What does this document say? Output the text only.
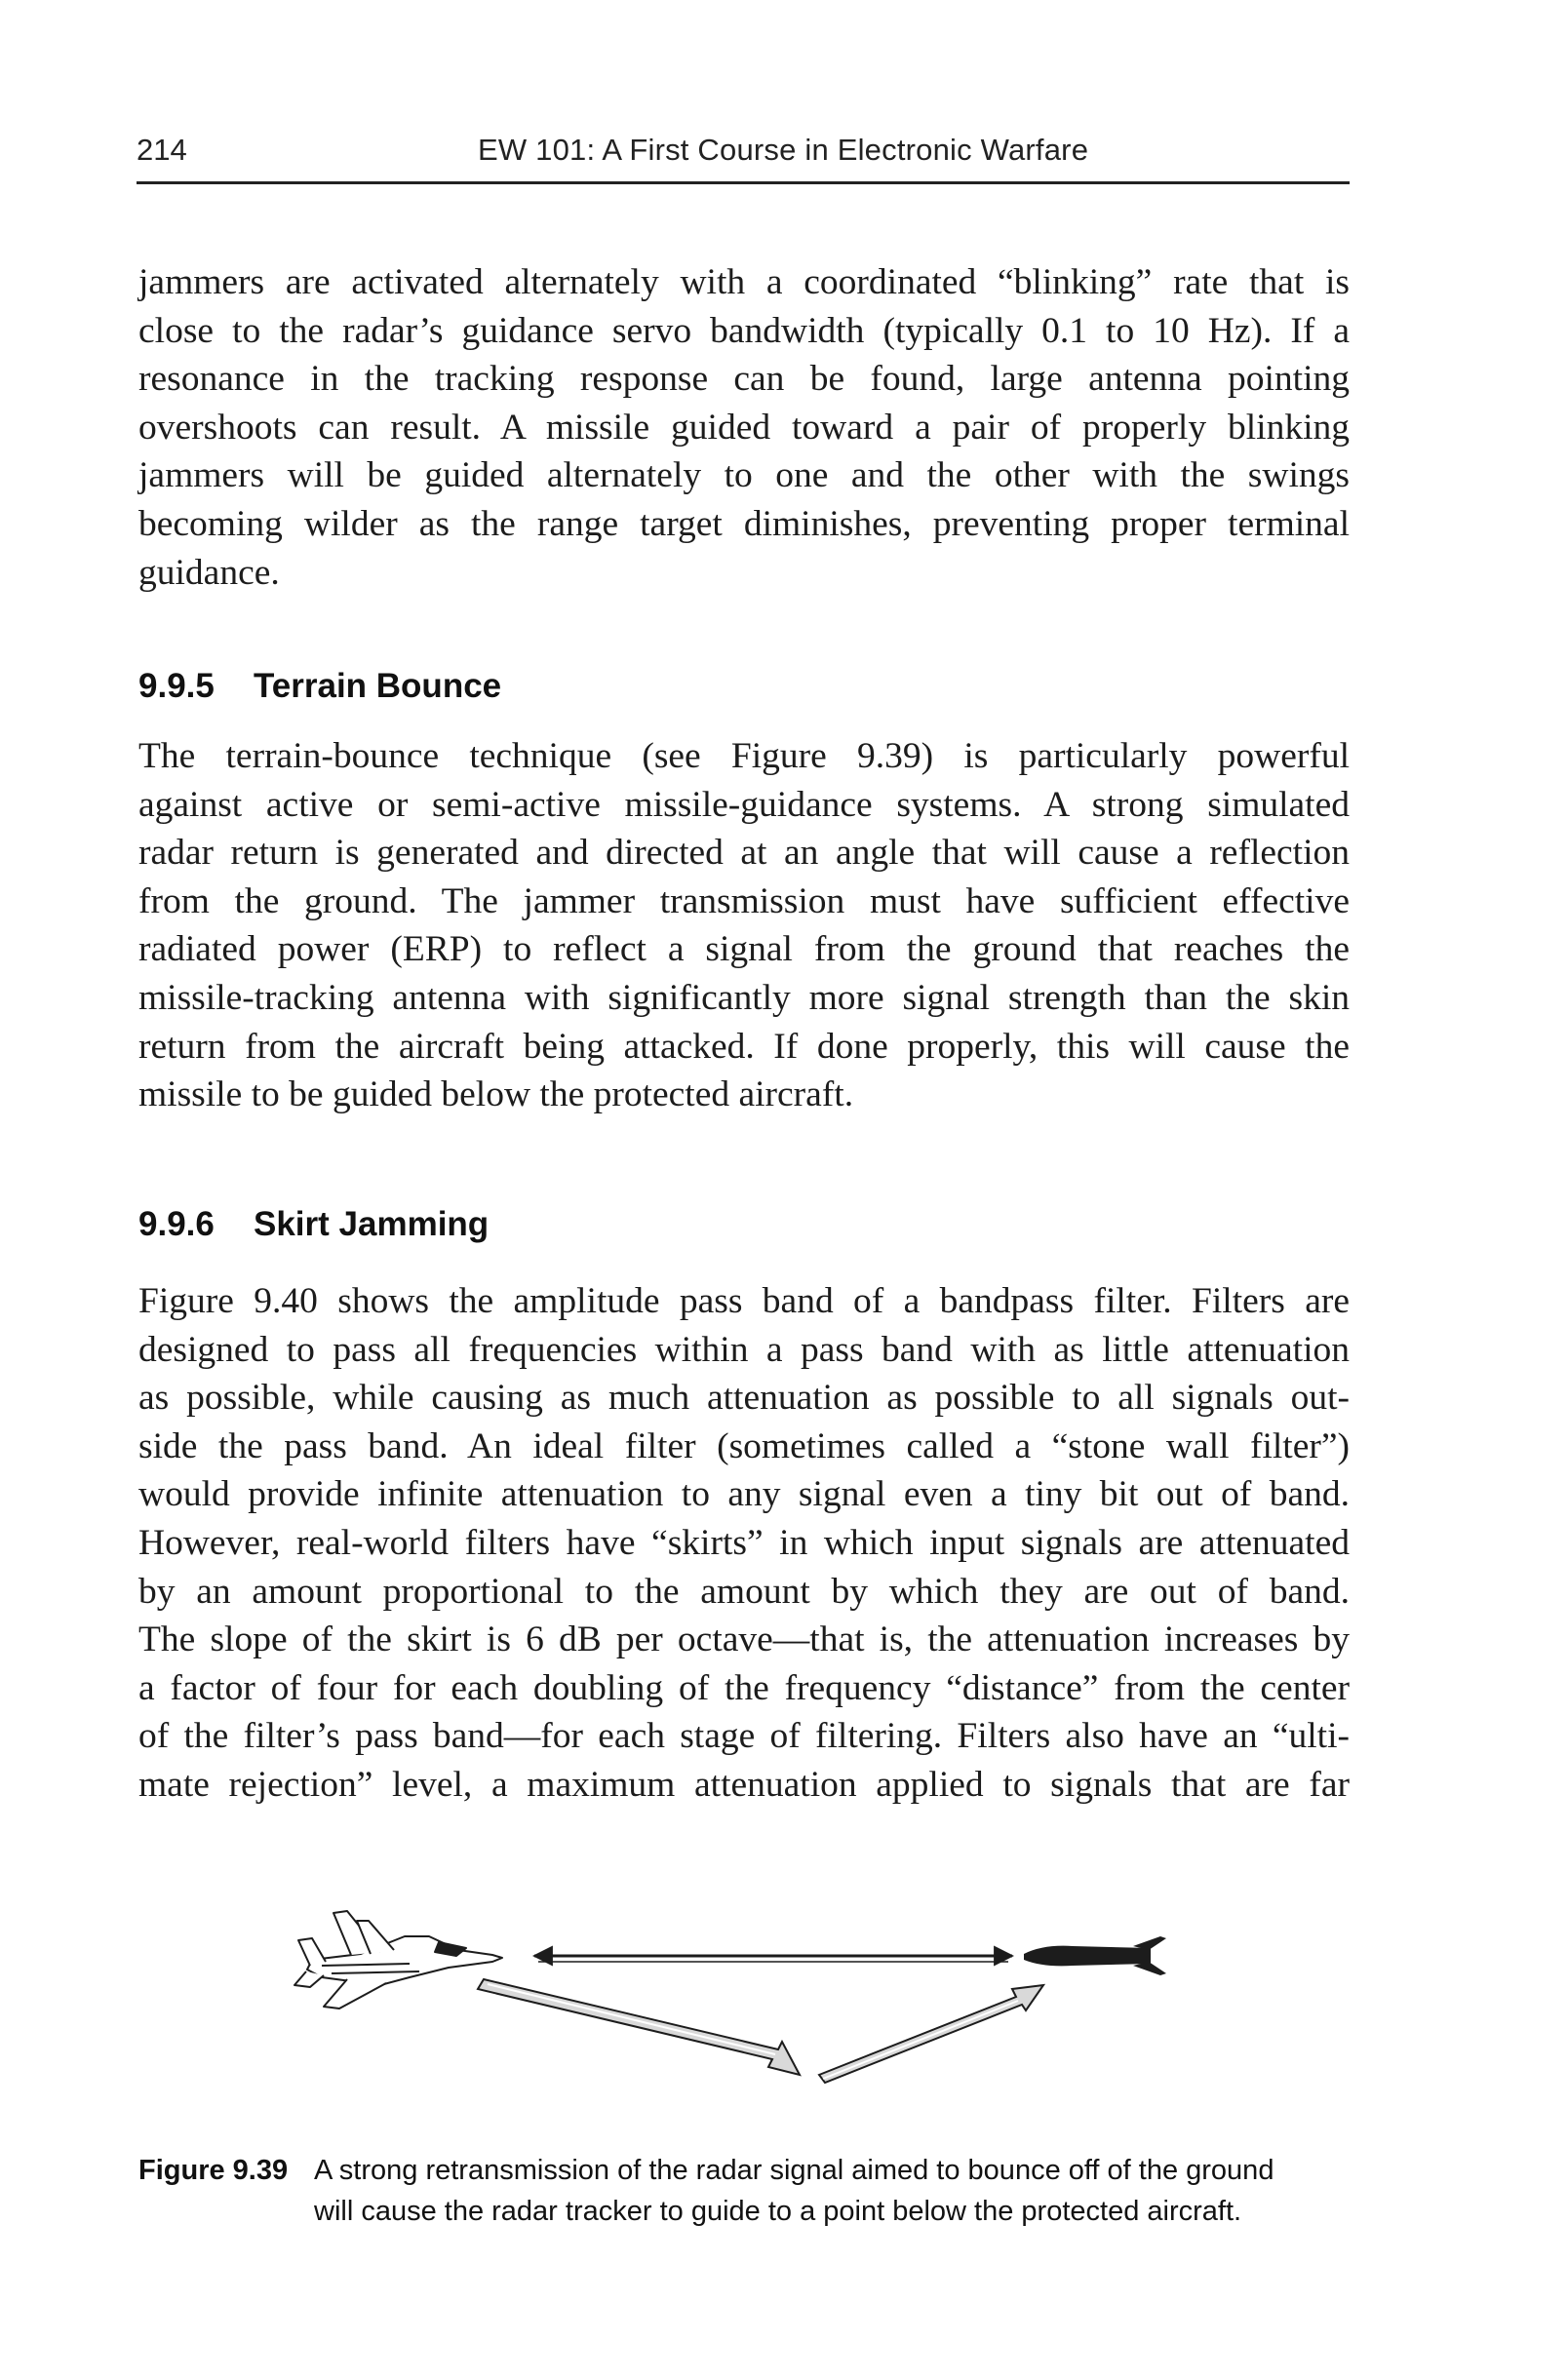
214	EW 101: A First Course in Electronic Warfare
jammers are activated alternately with a coordinated “blinking” rate that is
close to the radar’s guidance servo bandwidth (typically 0.1 to 10 Hz). If a
resonance in the tracking response can be found, large antenna pointing
overshoots can result. A missile guided toward a pair of properly blinking
jammers will be guided alternately to one and the other with the swings
becoming wilder as the range target diminishes, preventing proper terminal
guidance.
9.9.5 Terrain Bounce
The terrain-bounce technique (see Figure 9.39) is particularly powerful
against active or semi-active missile-guidance systems. A strong simulated
radar return is generated and directed at an angle that will cause a reflection
from the ground. The jammer transmission must have sufficient effective
radiated power (ERP) to reflect a signal from the ground that reaches the
missile-tracking antenna with significantly more signal strength than the skin
return from the aircraft being attacked. If done properly, this will cause the
missile to be guided below the protected aircraft.
9.9.6 Skirt Jamming
Figure 9.40 shows the amplitude pass band of a bandpass filter. Filters are
designed to pass all frequencies within a pass band with as little attenuation
as possible, while causing as much attenuation as possible to all signals out-
side the pass band. An ideal filter (sometimes called a “stone wall filter”)
would provide infinite attenuation to any signal even a tiny bit out of band.
However, real-world filters have “skirts” in which input signals are attenuated
by an amount proportional to the amount by which they are out of band.
The slope of the skirt is 6 dB per octave—that is, the attenuation increases by
a factor of four for each doubling of the frequency “distance” from the center
of the filter’s pass band—for each stage of filtering. Filters also have an “ulti-
mate rejection” level, a maximum attenuation applied to signals that are far
Figure 9.39 A strong retransmission of the radar signal aimed to bounce off of the ground
will cause the radar tracker to guide to a point below the protected aircraft.
